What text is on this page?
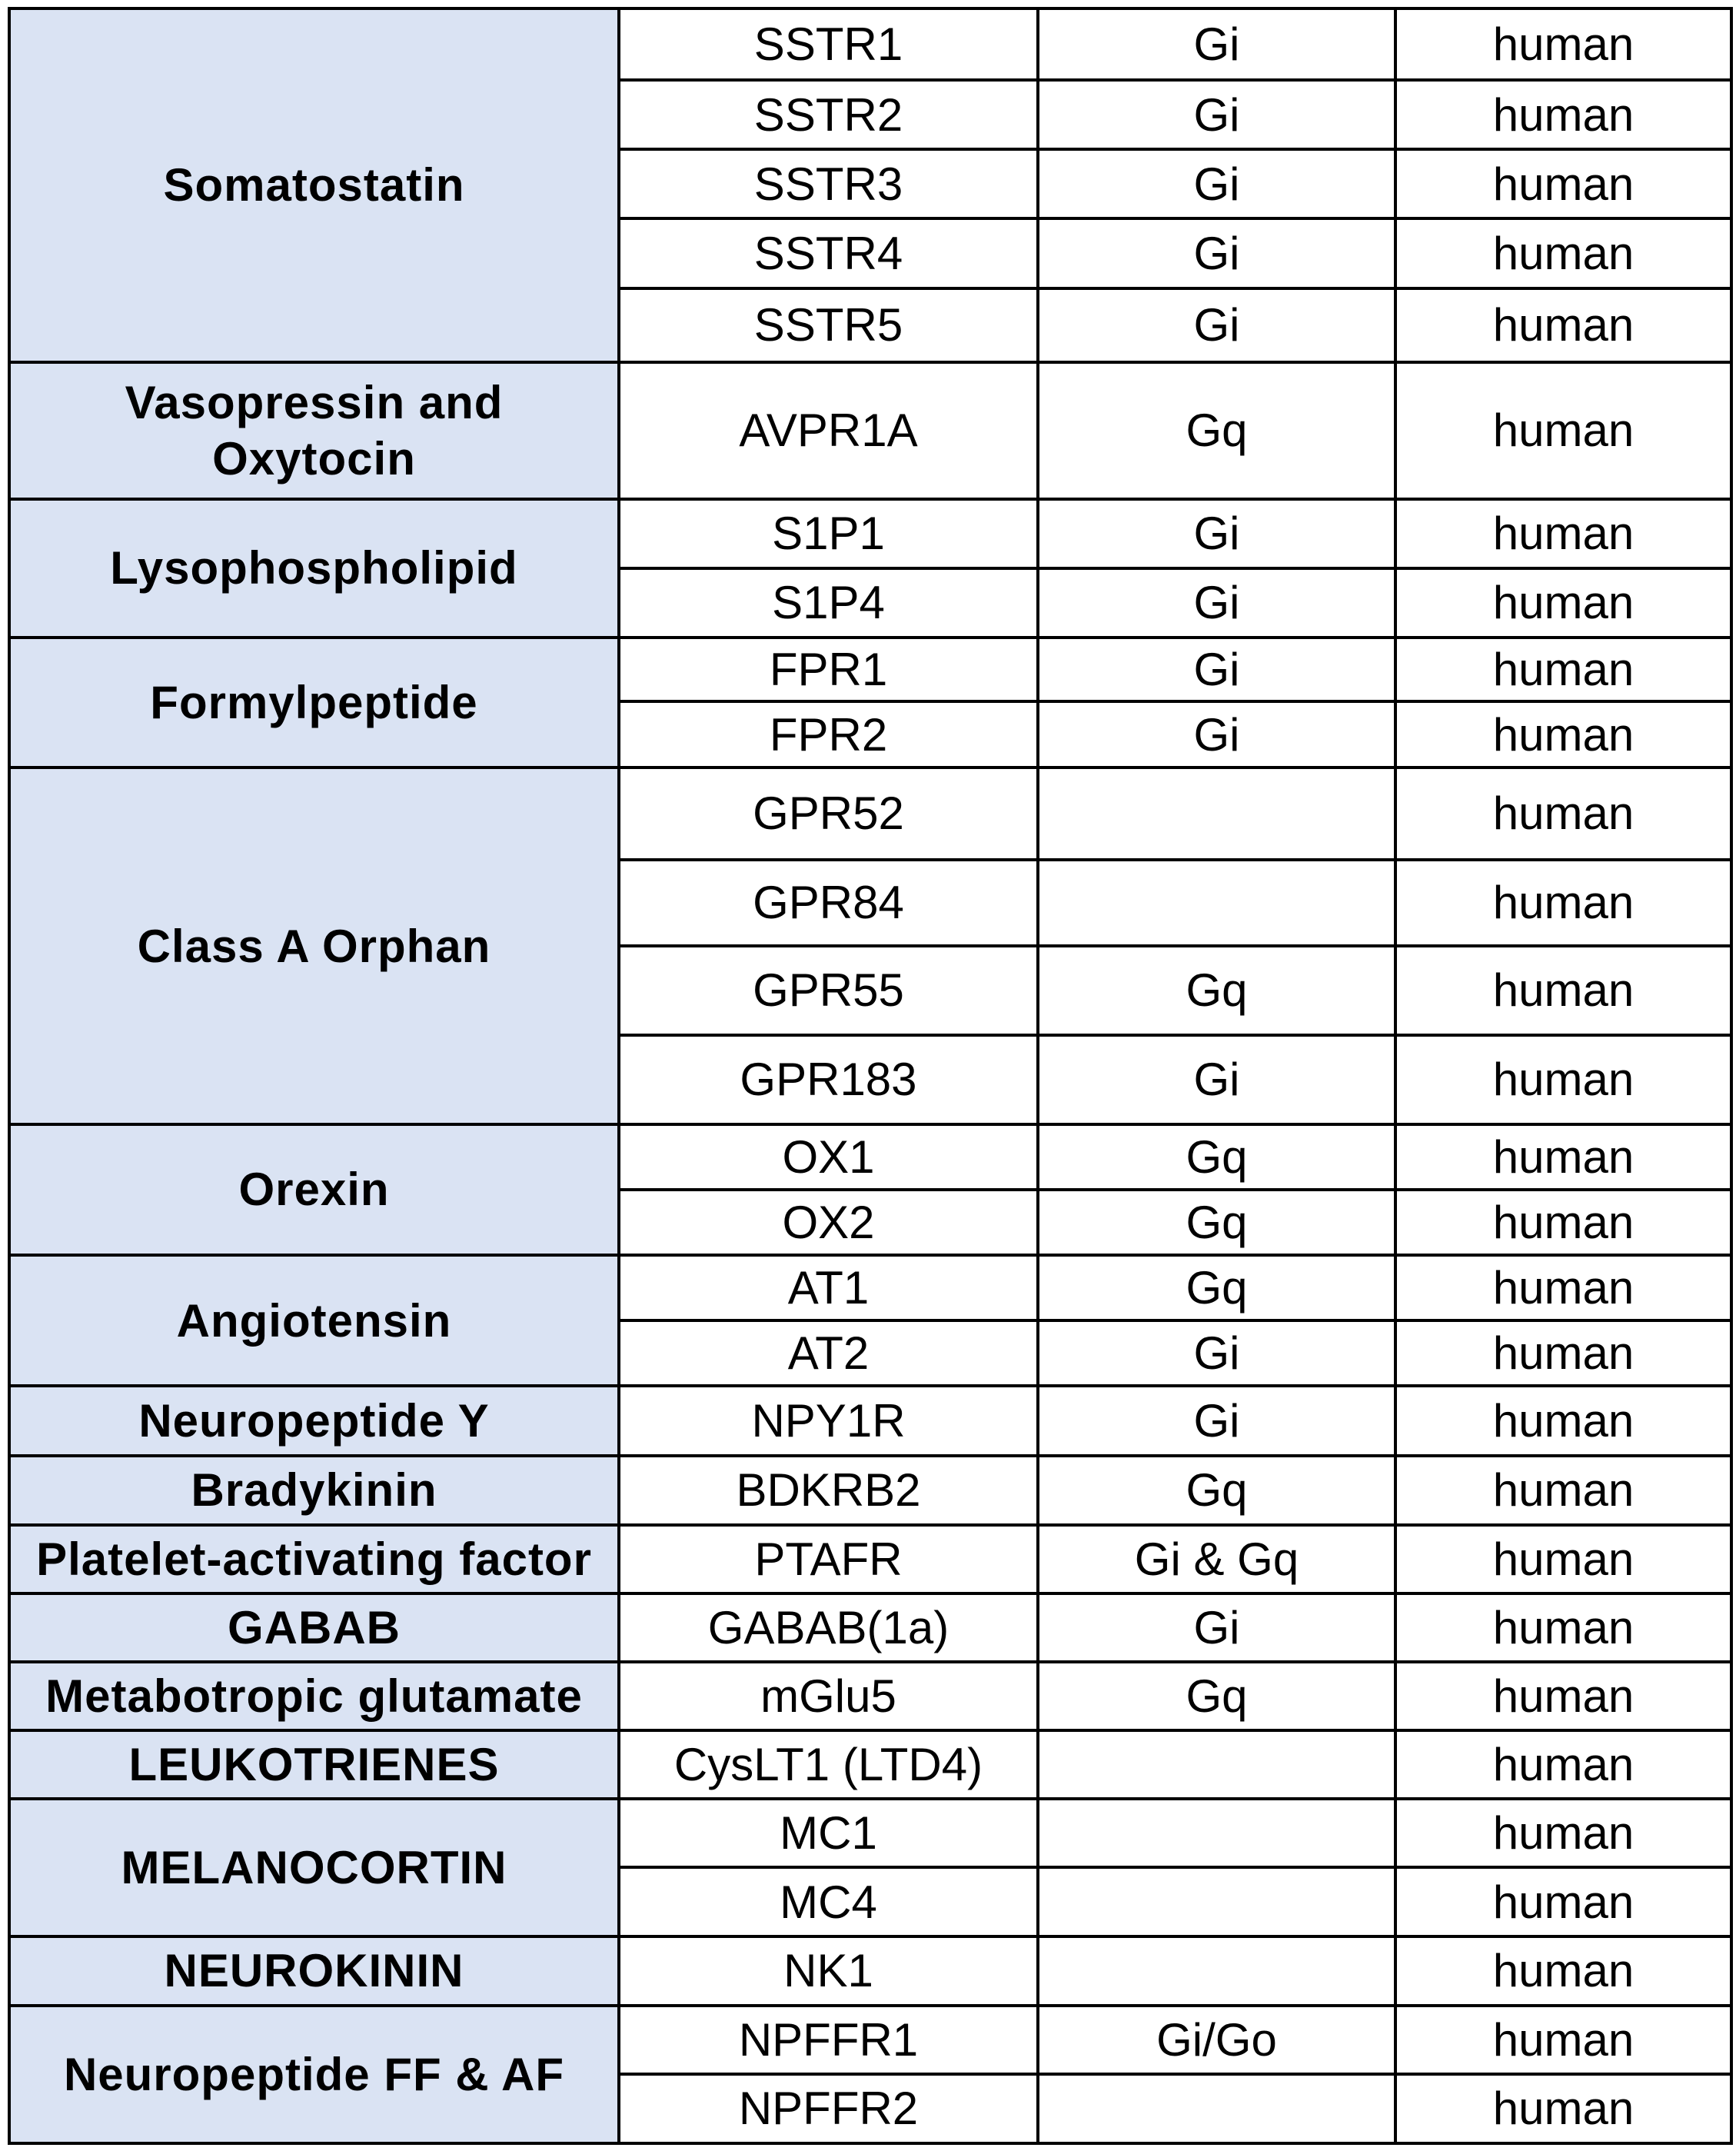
Somatostatin	SSTR1	Gi	human
	SSTR2	Gi	human
	SSTR3	Gi	human
	SSTR4	Gi	human
	SSTR5	Gi	human
Vasopressin and Oxytocin	AVPR1A	Gq	human
Lysophospholipid	S1P1	Gi	human
	S1P4	Gi	human
Formylpeptide	FPR1	Gi	human
	FPR2	Gi	human
Class A Orphan	GPR52		human
	GPR84		human
	GPR55	Gq	human
	GPR183	Gi	human
Orexin	OX1	Gq	human
	OX2	Gq	human
Angiotensin	AT1	Gq	human
	AT2	Gi	human
Neuropeptide Y	NPY1R	Gi	human
Bradykinin	BDKRB2	Gq	human
Platelet-activating factor	PTAFR	Gi & Gq	human
GABAB	GABAB(1a)	Gi	human
Metabotropic glutamate	mGlu5	Gq	human
LEUKOTRIENES	CysLT1 (LTD4)		human
MELANOCORTIN	MC1		human
	MC4		human
NEUROKININ	NK1		human
Neuropeptide FF & AF	NPFFR1	Gi/Go	human
	NPFFR2		human
